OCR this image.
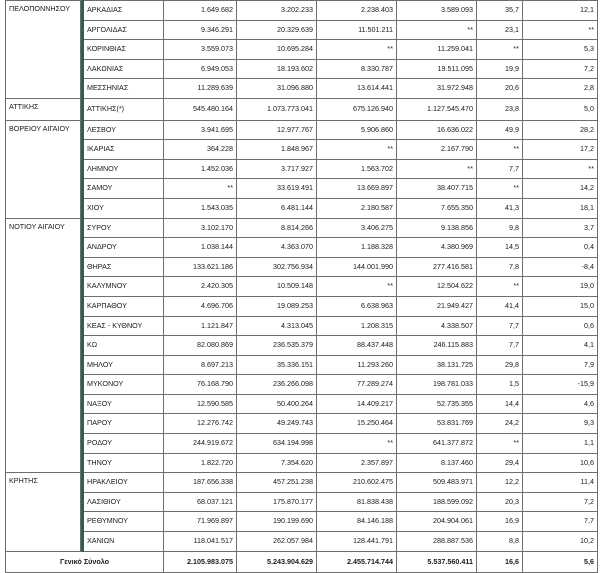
ΠΕΛΟΠΟΝΝΗΣΟΥ		ΑΡΚΑΔΙΑΣ	1.649.682	3.202.233	2.238.403	3.589.093	35,7	12,1
		ΑΡΓΟΛΙΔΑΣ	9.346.291	20.329.639	11.501.211	**	23,1	**
		ΚΟΡΙΝΘΙΑΣ	3.559.073	10.695.284	**	11.259.041	**	5,3
		ΛΑΚΩΝΙΑΣ	6.949.053	18.193.602	8.330.787	19.511.095	19,9	7,2
		ΜΕΣΣΗΝΙΑΣ	11.289.639	31.096.880	13.614.441	31.972.948	20,6	2,8
ΑΤΤΙΚΗΣ		ΑΤΤΙΚΗΣ(*)	545.480.164	1.073.773.041	675.126.940	1.127.545.470	23,8	5,0
ΒΟΡΕΙΟΥ ΑΙΓΑΙΟΥ		ΛΕΣΒΟΥ	3.941.695	12.977.767	5.906.860	16.636.022	49,9	28,2
		ΙΚΑΡΙΑΣ	364.228	1.848.967	**	2.167.790	**	17,2
		ΛΗΜΝΟΥ	1.452.036	3.717.927	1.563.702	**	7,7	**
		ΣΑΜΟΥ	**	33.619.491	13.669.897	38.407.715	**	14,2
		ΧΙΟΥ	1.543.035	6.481.144	2.180.587	7.655.350	41,3	18,1
ΝΟΤΙΟΥ ΑΙΓΑΙΟΥ		ΣΥΡΟΥ	3.102.170	8.814.266	3.406.275	9.138.856	9,8	3,7
		ΑΝΔΡΟΥ	1.038.144	4.363.070	1.188.328	4.380.969	14,5	0,4
		ΘΗΡΑΣ	133.621.186	302.756.934	144.001.990	277.416.581	7,8	-8,4
		ΚΑΛΥΜΝΟΥ	2.420.305	10.509.148	**	12.504.622	**	19,0
		ΚΑΡΠΑΘΟΥ	4.696.706	19.089.253	6.638.963	21.949.427	41,4	15,0
		ΚΕΑΣ - ΚΥΘΝΟΥ	1.121.847	4.313.045	1.208.315	4.338.507	7,7	0,6
		ΚΩ	82.080.869	236.535.379	88.437.448	246.115.883	7,7	4,1
		ΜΗΛΟΥ	8.697.213	35.336.151	11.293.260	38.131.725	29,8	7,9
		ΜΥΚΟΝΟΥ	76.168.790	236.266.098	77.289.274	198.781.033	1,5	-15,9
		ΝΑΞΟΥ	12.590.585	50.400.264	14.409.217	52.735.355	14,4	4,6
		ΠΑΡΟΥ	12.276.742	49.249.743	15.250.464	53.831.769	24,2	9,3
		ΡΟΔΟΥ	244.919.672	634.194.998	**	641.377.872	**	1,1
		ΤΗΝΟΥ	1.822.720	7.354.620	2.357.897	8.137.460	29,4	10,6
ΚΡΗΤΗΣ		ΗΡΑΚΛΕΙΟΥ	187.656.338	457.251.238	210.602.475	509.483.971	12,2	11,4
		ΛΑΣΙΘΙΟΥ	68.037.121	175.870.177	81.838.438	188.599.092	20,3	7,2
		ΡΕΘΥΜΝΟΥ	71.969.897	190.199.690	84.146.188	204.904.061	16,9	7,7
		ΧΑΝΙΩΝ	118.041.517	262.057.984	128.441.791	288.887.536	8,8	10,2
Γενικό Σύνολο			2.105.983.075	5.243.904.629	2.455.714.744	5.537.560.411	16,6	5,6
